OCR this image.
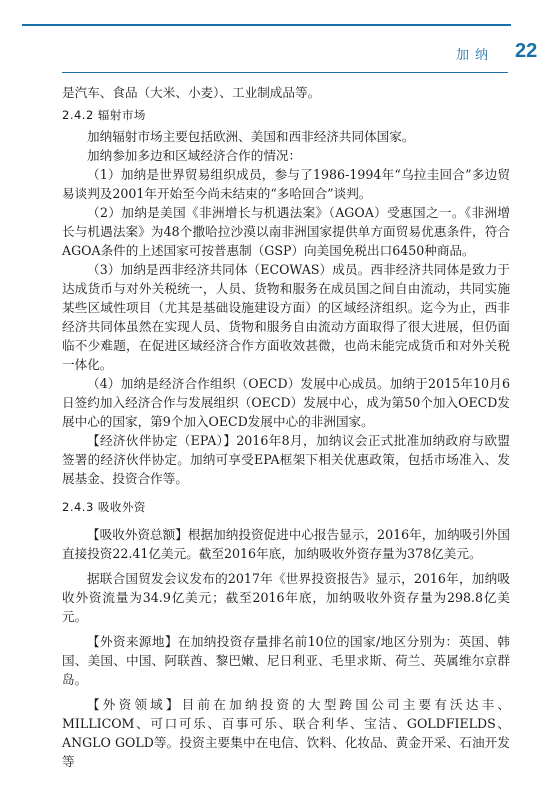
加纳 22

是汽车、食品（大米、小麦）、工业制成品等。

2.4.2 辐射市场

加纳辐射市场主要包括欧洲、美国和西非经济共同体国家。

加纳参加多边和区域经济合作的情况：

（1）加纳是世界贸易组织成员，参与了1986-1994年“乌拉圭回合”多边贸易谈判及2001年开始至今尚未结束的“多哈回合”谈判。

（2）加纳是美国《非洲增长与机遇法案》（AGOA）受惠国之一。《非洲增长与机遇法案》为48个撒哈拉沙漠以南非洲国家提供单方面贸易优惠条件，符合AGOA条件的上述国家可按普惠制（GSP）向美国免税出口6450种商品。

（3）加纳是西非经济共同体（ECOWAS）成员。西非经济共同体是致力于达成货币与对外关税统一，人员、货物和服务在成员国之间自由流动，共同实施某些区域性项目（尤其是基础设施建设方面）的区域经济组织。迄今为止，西非经济共同体虽然在实现人员、货物和服务自由流动方面取得了很大进展，但仍面临不少难题，在促进区域经济合作方面收效甚微，也尚未能完成货币和对外关税一体化。

（4）加纳是经济合作组织（OECD）发展中心成员。加纳于2015年10月6日签约加入经济合作与发展组织（OECD）发展中心，成为第50个加入OECD发展中心的国家，第9个加入OECD发展中心的非洲国家。

【经济伙伴协定（EPA）】2016年8月，加纳议会正式批准加纳政府与欧盟签署的经济伙伴协定。加纳可享受EPA框架下相关优惠政策，包括市场准入、发展基金、投资合作等。

2.4.3 吸收外资

【吸收外资总额】根据加纳投资促进中心报告显示，2016年，加纳吸引外国直接投资22.41亿美元。截至2016年底，加纳吸收外资存量为378亿美元。

据联合国贸发会议发布的2017年《世界投资报告》显示，2016年，加纳吸收外资流量为34.9亿美元；截至2016年底，加纳吸收外资存量为298.8亿美元。

【外资来源地】在加纳投资存量排名前10位的国家/地区分别为：英国、韩国、美国、中国、阿联酋、黎巴嫩、尼日利亚、毛里求斯、荷兰、英属维尔京群岛。

【外资领域】目前在加纳投资的大型跨国公司主要有沃达丰、MILLICOM、可口可乐、百事可乐、联合利华、宝洁、GOLDFIELDS、ANGLO GOLD等。投资主要集中在电信、饮料、化妆品、黄金开采、石油开发等
